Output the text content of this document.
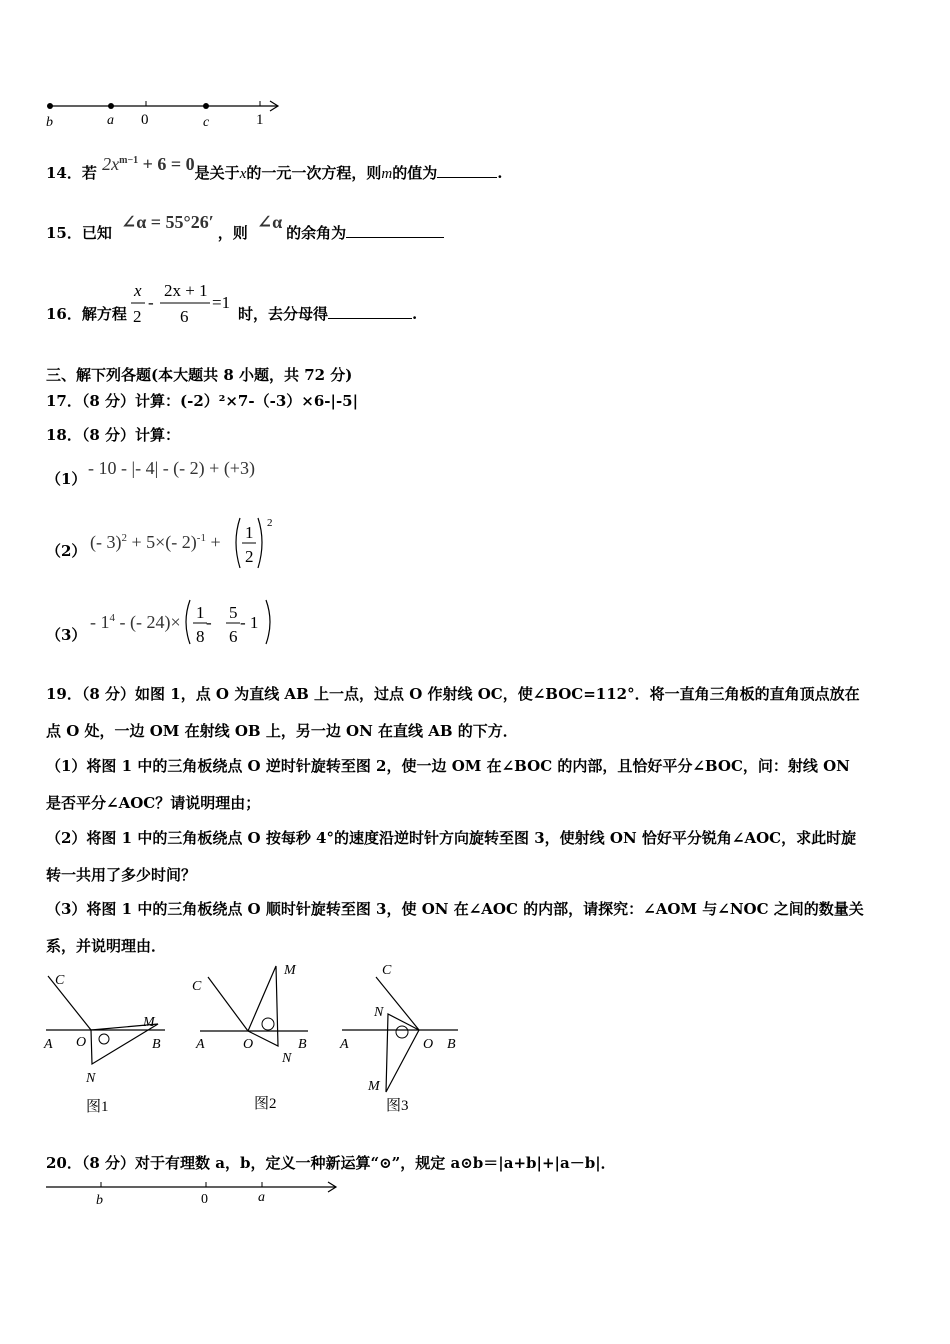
b	a 0	c	1
14．若 $2x^{m-1} + 6 = 0$是关于x的一元一次方程，则m的值为	.
15．已知 ∠α = 55°26′，则 ∠α的余角为
16．解方程
x
2
-
2x + 1
6
=1
时，去分母得	.
三、解下列各题(本大题共 8 小题，共 72 分)
17．（8 分）计算：(-2）²×7-（-3）×6-|-5|
18．（8 分）计算：
（1）
- 10 - |- 4| - (- 2) + (+3)
（2） (- 3)$^2$ + 5×(- 2)$^{-1}$ + 1
2
2
（3）
- $1^4$ - (- 24)× 1
8
-
5
6
- 1
19．（8 分）如图 1，点 O 为直线 AB 上一点，过点 O 作射线 OC，使∠BOC=112°．将一直角三角板的直角顶点放在
点 O 处，一边 OM 在射线 OB 上，另一边 ON 在直线 AB 的下方．
（1）将图 1 中的三角板绕点 O 逆时针旋转至图 2，使一边 OM 在∠BOC 的内部，且恰好平分∠BOC，问：射线 ON
是否平分∠AOC？请说明理由；
（2）将图 1 中的三角板绕点 O 按每秒 4°的速度沿逆时针方向旋转至图 3，使射线 ON 恰好平分锐角∠AOC，求此时旋
转一共用了多少时间？
（3）将图 1 中的三角板绕点 O 顺时针旋转至图 3，使 ON 在∠AOC 的内部，请探究：∠AOM 与∠NOC 之间的数量关
系，并说明理由．
C
M
A O	B
N
图1
C
M
A	O	B
N
图2
C
N
A	O B
M
图3
20．（8 分）对于有理数 a，b，定义一种新运算“⊙”，规定 a⊙b＝|a+b|+|a－b|．
b	0	a
